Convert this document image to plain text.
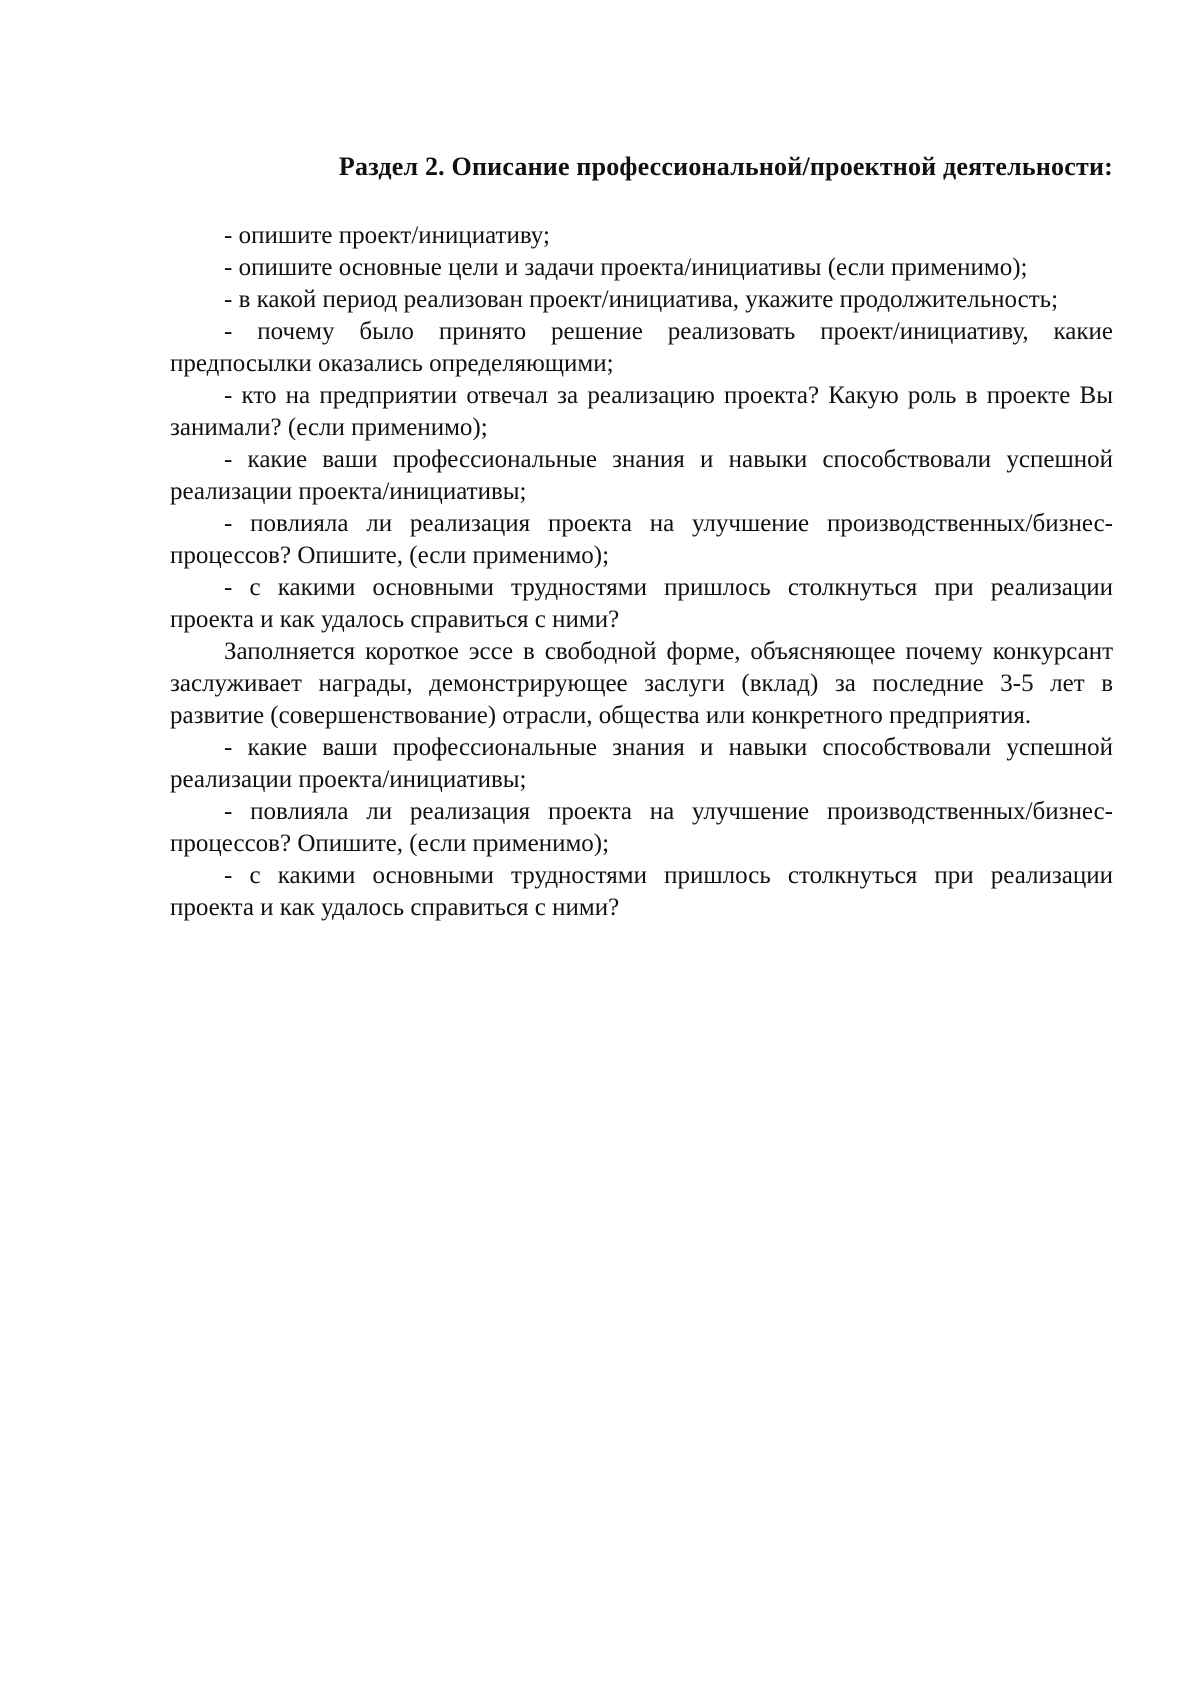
Раздел 2. Описание профессиональной/проектной деятельности:

- опишите проект/инициативу;

- опишите основные цели и задачи проекта/инициативы (если применимо);

- в какой период реализован проект/инициатива, укажите продолжительность;

- почему было принято решение реализовать проект/инициативу, какие предпосылки оказались определяющими;

- кто на предприятии отвечал за реализацию проекта? Какую роль в проекте Вы занимали? (если применимо);

- какие ваши профессиональные знания и навыки способствовали успешной реализации проекта/инициативы;

- повлияла ли реализация проекта на улучшение производственных/бизнес- процессов? Опишите, (если применимо);

- с какими основными трудностями пришлось столкнуться при реализации проекта и как удалось справиться с ними?

Заполняется короткое эссе в свободной форме, объясняющее почему конкурсант заслуживает награды, демонстрирующее заслуги (вклад) за последние 3-5 лет в развитие (совершенствование) отрасли, общества или конкретного предприятия.

- какие ваши профессиональные знания и навыки способствовали успешной реализации проекта/инициативы;

- повлияла ли реализация проекта на улучшение производственных/бизнес- процессов? Опишите, (если применимо);

- с какими основными трудностями пришлось столкнуться при реализации проекта и как удалось справиться с ними?
